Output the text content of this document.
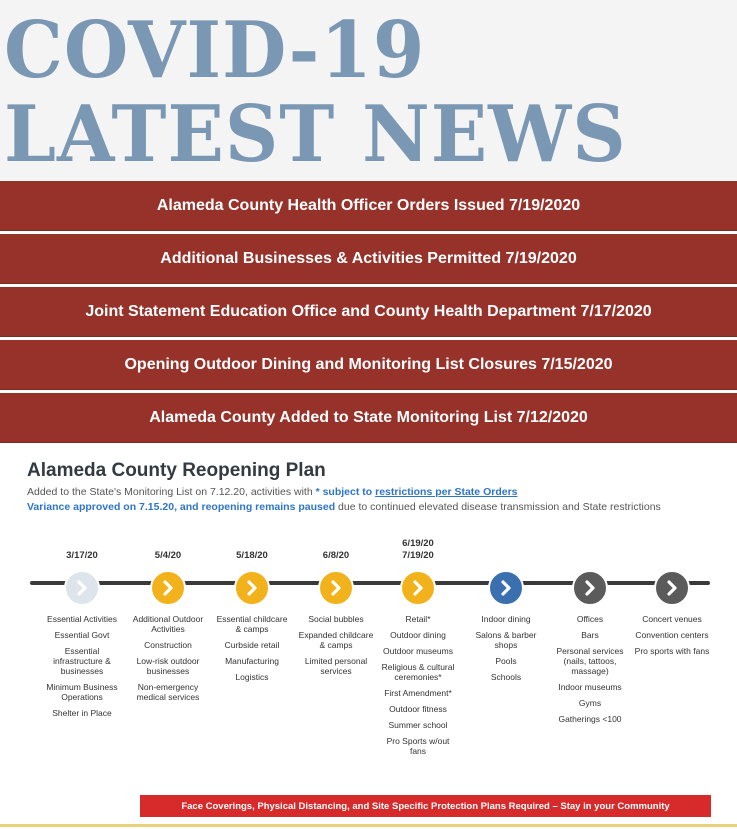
COVID-19
LATEST NEWS
Alameda County Health Officer Orders Issued 7/19/2020
Additional Businesses & Activities Permitted 7/19/2020
Joint Statement Education Office and County Health Department 7/17/2020
Opening Outdoor Dining and Monitoring List Closures 7/15/2020
Alameda County Added to State Monitoring List 7/12/2020
Alameda County Reopening Plan
Added to the State's Monitoring List on 7.12.20, activities with * subject to restrictions per State Orders
Variance approved on 7.15.20, and reopening remains paused due to continued elevated disease transmission and State restrictions
3/17/20
Essential Activities
Essential Govt
Essential infrastructure & businesses
Minimum Business Operations
Shelter in Place
5/4/20
Additional Outdoor Activities
Construction
Low-risk outdoor businesses
Non-emergency medical services
5/18/20
Essential childcare & camps
Curbside retail
Manufacturing
Logistics
6/8/20
Social bubbles
Expanded childcare & camps
Limited personal services
6/19/20
7/19/20
Retail*
Outdoor dining
Outdoor museums
Religious & cultural ceremonies*
First Amendment*
Outdoor fitness
Summer school
Pro Sports w/out fans
Indoor dining
Salons & barber shops
Pools
Schools
Offices
Bars
Personal services (nails, tattoos, massage)
Indoor museums
Gyms
Gatherings <100
Concert venues
Convention centers
Pro sports with fans
Face Coverings, Physical Distancing, and Site Specific Protection Plans Required – Stay in your Community
